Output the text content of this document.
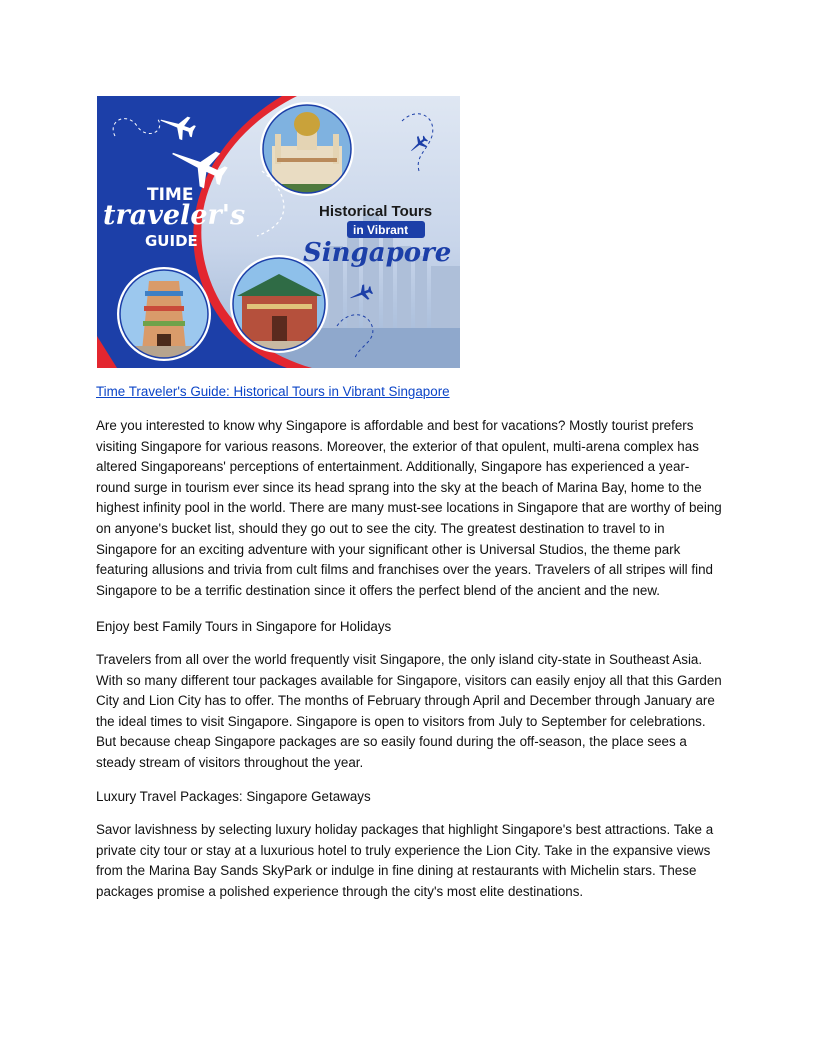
TIME
traveler's
GUIDE
Historical Tours
in Vibrant
Singapore
Time Traveler's Guide: Historical Tours in Vibrant Singapore

Are you interested to know why Singapore is affordable and best for vacations? Mostly tourist prefers visiting Singapore for various reasons. Moreover, the exterior of that opulent, multi-arena complex has altered Singaporeans' perceptions of entertainment. Additionally, Singapore has experienced a year-round surge in tourism ever since its head sprang into the sky at the beach of Marina Bay, home to the highest infinity pool in the world. There are many must-see locations in Singapore that are worthy of being on anyone's bucket list, should they go out to see the city. The greatest destination to travel to in Singapore for an exciting adventure with your significant other is Universal Studios, the theme park featuring allusions and trivia from cult films and franchises over the years. Travelers of all stripes will find Singapore to be a terrific destination since it offers the perfect blend of the ancient and the new.

Enjoy best Family Tours in Singapore for Holidays

Travelers from all over the world frequently visit Singapore, the only island city-state in Southeast Asia. With so many different tour packages available for Singapore, visitors can easily enjoy all that this Garden City and Lion City has to offer. The months of February through April and December through January are the ideal times to visit Singapore. Singapore is open to visitors from July to September for celebrations. But because cheap Singapore packages are so easily found during the off-season, the place sees a steady stream of visitors throughout the year.

Luxury Travel Packages: Singapore Getaways

Savor lavishness by selecting luxury holiday packages that highlight Singapore's best attractions. Take a private city tour or stay at a luxurious hotel to truly experience the Lion City. Take in the expansive views from the Marina Bay Sands SkyPark or indulge in fine dining at restaurants with Michelin stars. These packages promise a polished experience through the city's most elite destinations.
